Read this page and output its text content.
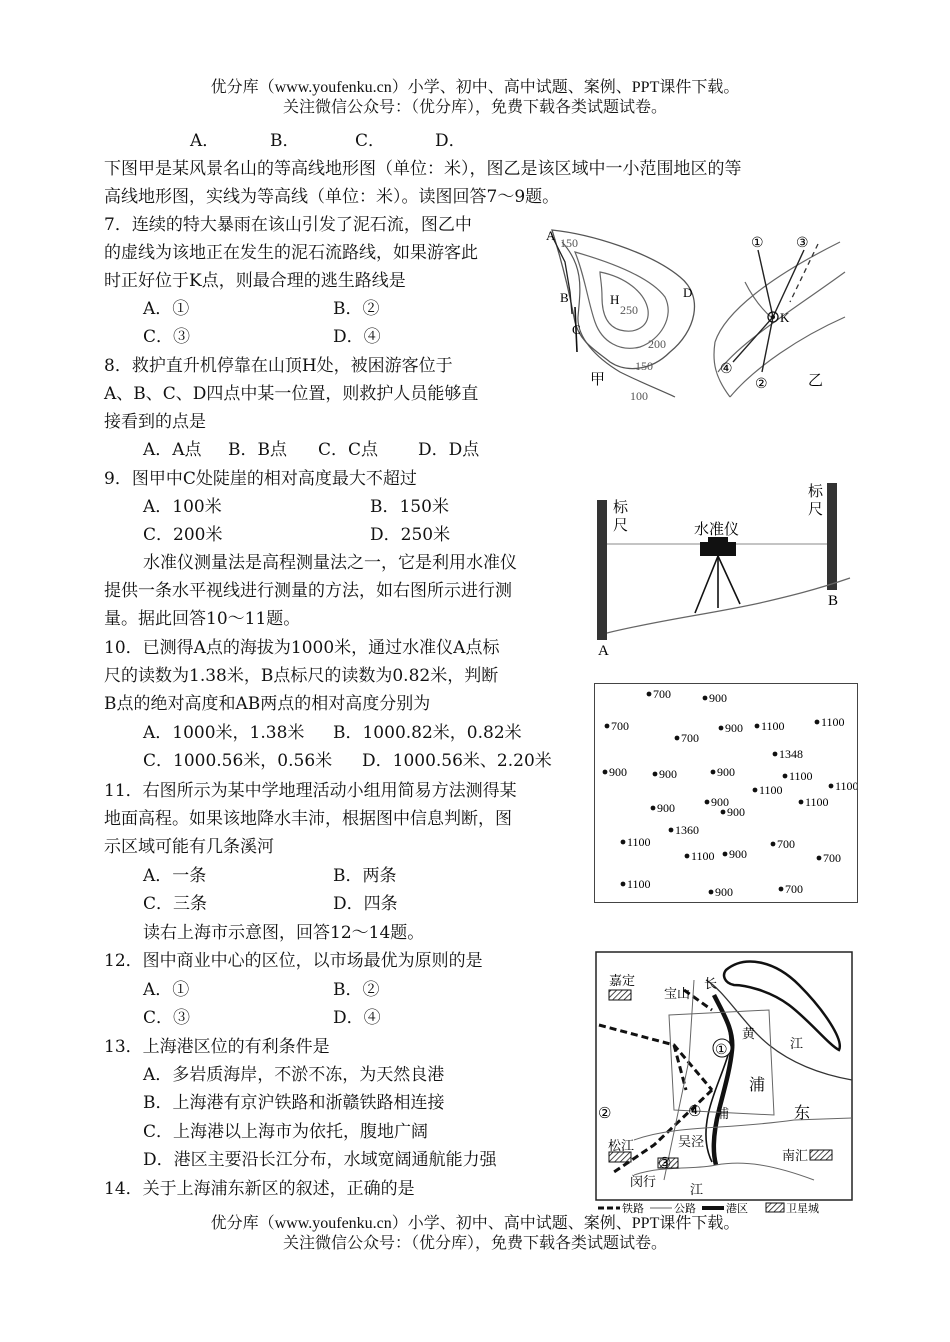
优分库（www.youfenku.cn）小学、初中、高中试题、案例、PPT课件下载。
关注微信公众号：（优分库），免费下载各类试题试卷。
A．	B．	C．	D．
下图甲是某风景名山的等高线地形图（单位：米），图乙是该区域中一小范围地区的等
高线地形图，实线为等高线（单位：米）。读图回答7～9题。
7．连续的特大暴雨在该山引发了泥石流，图乙中
的虚线为该地正在发生的泥石流路线，如果游客此
时正好位于K点，则最合理的逃生路线是
A．①	B．②
C．③	D．④
8．救护直升机停靠在山顶H处，被困游客位于
A、B、C、D四点中某一位置，则救护人员能够直
接看到的点是
A．A点 B．B点 C．C点 D．D点
9．图甲中C处陡崖的相对高度最大不超过
A．100米	B．150米
C．200米	D．250米
水准仪测量法是高程测量法之一，它是利用水准仪
提供一条水平视线进行测量的方法，如右图所示进行测
量。据此回答10～11题。
10．已测得A点的海拔为1000米，通过水准仪A点标
尺的读数为1.38米，B点标尺的读数为0.82米，判断
B点的绝对高度和AB两点的相对高度分别为
A．1000米，1.38米 B．1000.82米，0.82米
C．1000.56米，0.56米 D．1000.56米、2.20米
11．右图所示为某中学地理活动小组用简易方法测得某
地面高程。如果该地降水丰沛，根据图中信息判断，图
示区域可能有几条溪河
A．一条	B．两条
C．三条	D．四条
读右上海市示意图，回答12～14题。
12．图中商业中心的区位，以市场最优为原则的是
A．①	B．②
C．③	D．④
13．上海港区位的有利条件是
A．多岩质海岸，不淤不冻，为天然良港
B．上海港有京沪铁路和浙赣铁路相连接
C．上海港以上海市为依托，腹地广阔
D．港区主要沿长江分布，水域宽阔通航能力强
14．关于上海浦东新区的叙述，正确的是
A 150
B
C
D
H
250
200
150
100
甲
K
① ③
④
②	乙
标
尺
标
尺
水准仪
A
B
700	900
700
700
900 1100	1100
1348
900	900	900	1100
1100
900
1100
1100
900	900
1360
1100
1100 900
700
700
1100
900	700
①
②
③
④
嘉定
宝山
长
黄
江
浦
浦	东
松江	吴泾
南汇
闵行
江
铁路	公路	港区	卫星城
优分库（www.youfenku.cn）小学、初中、高中试题、案例、PPT课件下载。
关注微信公众号：（优分库），免费下载各类试题试卷。
